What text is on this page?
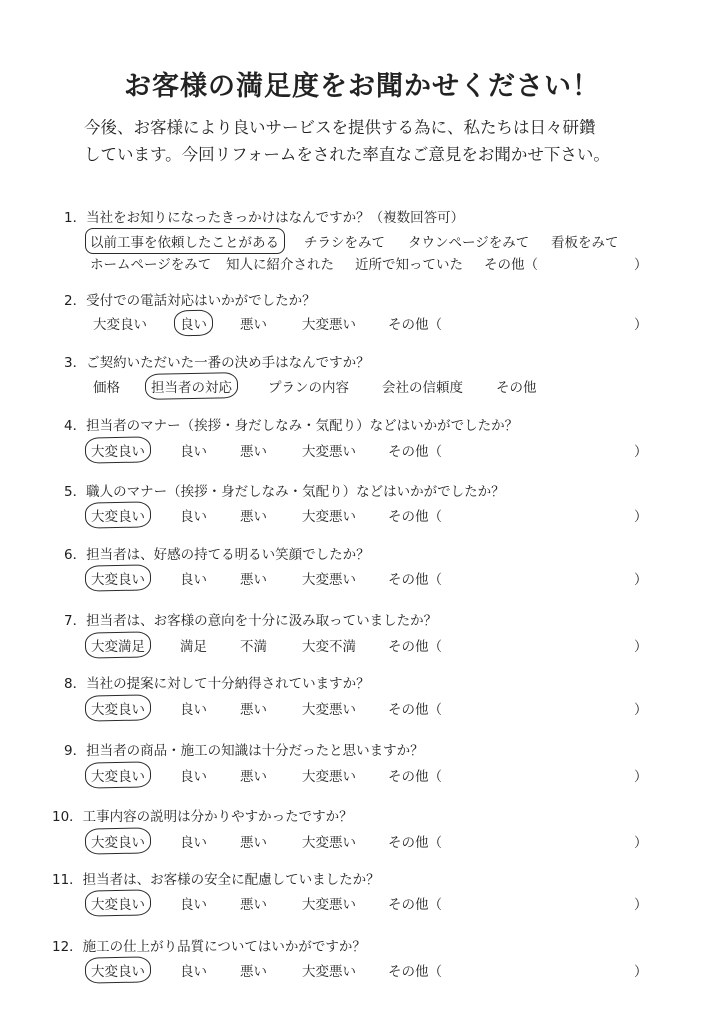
お客様の満足度をお聞かせください！
今後、お客様により良いサービスを提供する為に、私たちは日々研鑽
しています。今回リフォームをされた率直なご意見をお聞かせ下さい。
1．当社をお知りになったきっかけはなんですか？（複数回答可）
以前工事を依頼したことがある チラシをみて タウンページをみて 看板をみて
ホームページをみて 知人に紹介された 近所で知っていた その他（	）
2．受付での電話対応はいかがでしたか？
大変良い 良い 悪い	大変悪い その他（	）
3．ご契約いただいた一番の決め手はなんですか？
価格 担当者の対応	プランの内容 会社の信頼度 その他
4．担当者のマナー（挨拶・身だしなみ・気配り）などはいかがでしたか？
大変良い	良い 悪い	大変悪い その他（	）
5．職人のマナー（挨拶・身だしなみ・気配り）などはいかがでしたか？
大変良い	良い 悪い	大変悪い その他（	）
6．担当者は、好感の持てる明るい笑顔でしたか？
大変良い	良い 悪い	大変悪い その他（	）
7．担当者は、お客様の意向を十分に汲み取っていましたか？
大変満足	満足 不満	大変不満 その他（	）
8．当社の提案に対して十分納得されていますか？
大変良い	良い 悪い	大変悪い その他（	）
9．担当者の商品・施工の知識は十分だったと思いますか？
大変良い	良い 悪い	大変悪い その他（	）
10．工事内容の説明は分かりやすかったですか？
大変良い	良い 悪い	大変悪い その他（	）
11．担当者は、お客様の安全に配慮していましたか？
大変良い	良い 悪い	大変悪い その他（	）
12．施工の仕上がり品質についてはいかがですか？
大変良い	良い 悪い	大変悪い その他（	）
